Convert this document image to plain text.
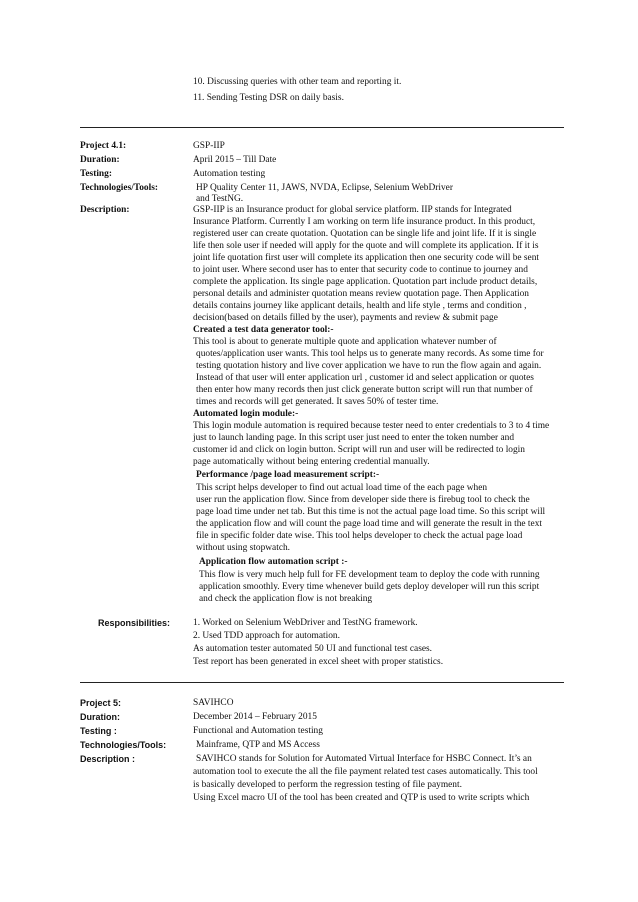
10. Discussing queries with other team and reporting it.
11. Sending Testing DSR on daily basis.
Project 4.1:
Duration:
Testing:
Technologies/Tools:
Description:
GSP-IIP
April 2015 – Till Date
Automation testing
HP Quality Center 11, JAWS, NVDA, Eclipse, Selenium WebDriver
and TestNG.
GSP-IIP is an Insurance product for global service platform. IIP stands for Integrated
Insurance Platform. Currently I am working on term life insurance product. In this product,
registered user can create quotation. Quotation can be single life and joint life. If it is single
life then sole user if needed will apply for the quote and will complete its application. If it is
joint life quotation first user will complete its application then one security code will be sent
to joint user. Where second user has to enter that security code to continue to journey and
complete the application. Its single page application. Quotation part include product details,
personal details and administer quotation means review quotation page. Then Application
details contains journey like applicant details, health and life style , terms and condition ,
decision(based on details filled by the user), payments and review & submit page
Created a test data generator tool:-
This tool is about to generate multiple quote and application whatever number of
quotes/application user wants. This tool helps us to generate many records. As some time for
testing quotation history and live cover application we have to run the flow again and again.
Instead of that user will enter application url , customer id and select application or quotes
then enter how many records then just click generate button script will run that number of
times and records will get generated. It saves 50% of tester time.
Automated login module:-
This login module automation is required because tester need to enter credentials to 3 to 4 time
just to launch landing page. In this script user just need to enter the token number and
customer id and click on login button. Script will run and user will be redirected to login
page automatically without being entering credential manually.
Performance /page load measurement script:-
This script helps developer to find out actual load time of the each page when
user run the application flow. Since from developer side there is firebug tool to check the
page load time under net tab. But this time is not the actual page load time. So this script will
the application flow and will count the page load time and will generate the result in the text
file in specific folder date wise. This tool helps developer to check the actual page load
without using stopwatch.
Application flow automation script :-
This flow is very much help full for FE development team to deploy the code with running
application smoothly. Every time whenever build gets deploy developer will run this script
and check the application flow is not breaking
Responsibilities: 1. Worked on Selenium WebDriver and TestNG framework.
2. Used TDD approach for automation.
As automation tester automated 50 UI and functional test cases.
Test report has been generated in excel sheet with proper statistics.
Project 5:
Duration:
Testing :
Technologies/Tools:
Description :
SAVIHCO
December 2014 – February 2015
Functional and Automation testing
Mainframe, QTP and MS Access
SAVIHCO stands for Solution for Automated Virtual Interface for HSBC Connect. It’s an
automation tool to execute the all the file payment related test cases automatically. This tool
is basically developed to perform the regression testing of file payment.
Using Excel macro UI of the tool has been created and QTP is used to write scripts which
